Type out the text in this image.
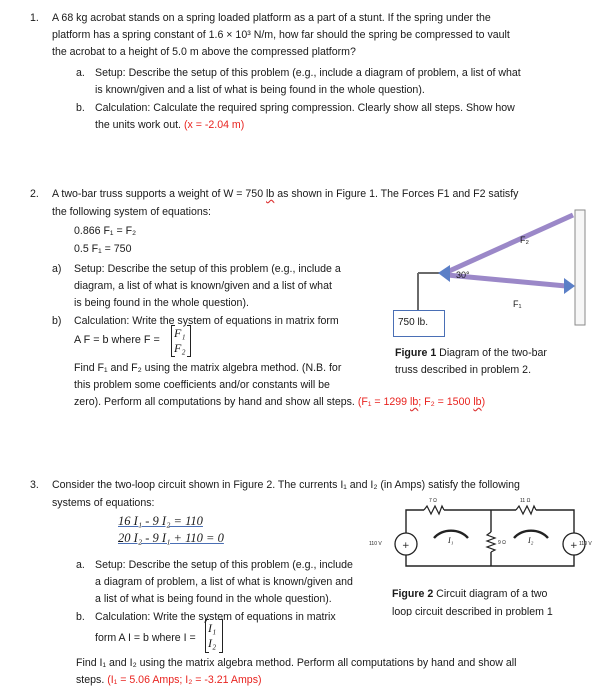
1. A 68 kg acrobat stands on a spring loaded platform as a part of a stunt. If the spring under the
platform has a spring constant of 1.6 × 10³ N/m, how far should the spring be compressed to vault
the acrobat to a height of 5.0 m above the compressed platform?
a. Setup: Describe the setup of this problem (e.g., include a diagram of problem, a list of what
is known/given and a list of what is being found in the whole question).
b. Calculation: Calculate the required spring compression. Clearly show all steps. Show how
the units work out. (x = -2.04 m)
2. A two-bar truss supports a weight of W = 750 lb as shown in Figure 1. The Forces F1 and F2 satisfy
the following system of equations:
0.866 F₁ = F₂
0.5 F₁ = 750
a) Setup: Describe the setup of this problem (e.g., include a
diagram, a list of what is known/given and a list of what
is being found in the whole question).
b) Calculation: Write the system of equations in matrix form
A F = b where F = F₁
F₂
Find F₁ and F₂ using the matrix algebra method. (N.B. for
this problem some coefficients and/or constants will be
zero). Perform all computations by hand and show all steps. (F₁ = 1299 lb; F₂ = 1500 lb)
F₂
30°
F₁
750 lb.
Figure 1 Diagram of the two-bar
truss described in problem 2.
3. Consider the two-loop circuit shown in Figure 2. The currents I₁ and I₂ (in Amps) satisfy the following
systems of equations:
16 I₁ - 9 I₂ = 110
20 I₂ - 9 I₁ + 110 = 0
a. Setup: Describe the setup of this problem (e.g., include
a diagram of problem, a list of what is known/given and
a list of what is being found in the whole question).
b. Calculation: Write the system of equations in matrix
form A I = b where I =
I₁
I₂
Find I₁ and I₂ using the matrix algebra method. Perform all computations by hand and show all
steps. (I₁ = 5.06 Amps; I₂ = -3.21 Amps)
+	+
110 V	110 V
I₁	I₂
7 Ω
9 Ω
11 Ω
Figure 2 Circuit diagram of a two
loop circuit described in problem 1
